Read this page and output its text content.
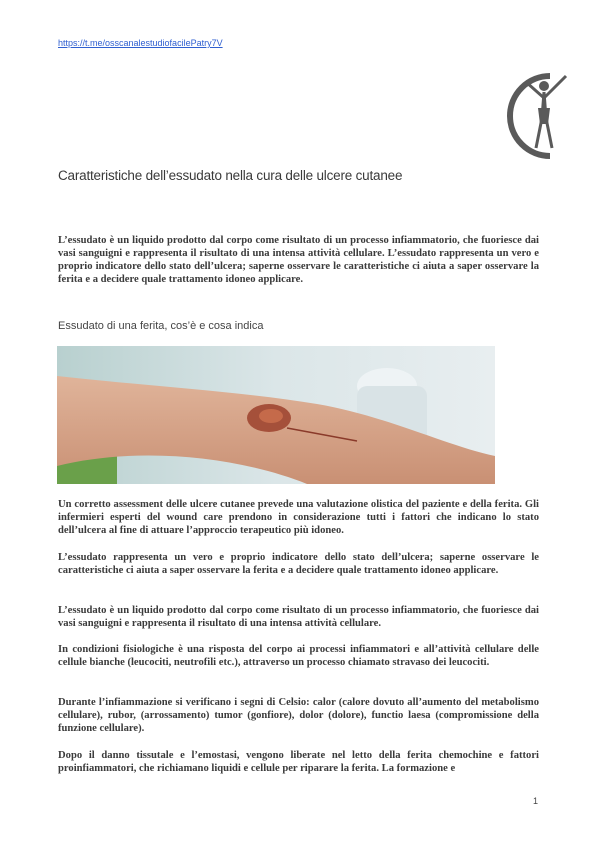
https://t.me/osscanalestudiofacilePatry7V
Caratteristiche dell’essudato nella cura delle ulcere cutanee
L’essudato è un liquido prodotto dal corpo come risultato di un processo infiammatorio, che fuoriesce dai vasi sanguigni e rappresenta il risultato di una intensa attività cellulare. L’essudato rappresenta un vero e proprio indicatore dello stato dell’ulcera; saperne osservare le caratteristiche ci aiuta a saper osservare la ferita e a decidere quale trattamento idoneo applicare.
Essudato di una ferita, cos’è e cosa indica
Un corretto assessment delle ulcere cutanee prevede una valutazione olistica del paziente e della ferita. Gli infermieri esperti del wound care prendono in considerazione tutti i fattori che indicano lo stato dell’ulcera al fine di attuare l’approccio terapeutico più idoneo.
L’essudato rappresenta un vero e proprio indicatore dello stato dell’ulcera; saperne osservare le caratteristiche ci aiuta a saper osservare la ferita e a decidere quale trattamento idoneo applicare.
L’essudato è un liquido prodotto dal corpo come risultato di un processo infiammatorio, che fuoriesce dai vasi sanguigni e rappresenta il risultato di una intensa attività cellulare.
In condizioni fisiologiche è una risposta del corpo ai processi infiammatori e all’attività cellulare delle cellule bianche (leucociti, neutrofili etc.), attraverso un processo chiamato stravaso dei leucociti.
Durante l’infiammazione si verificano i segni di Celsio: calor (calore dovuto all’aumento del metabolismo cellulare), rubor, (arrossamento) tumor (gonfiore), dolor (dolore), functio laesa (compromissione della funzione cellulare).
Dopo il danno tissutale e l’emostasi, vengono liberate nel letto della ferita chemochine e fattori proinfiammatori, che richiamano liquidi e cellule per riparare la ferita. La formazione e
1
